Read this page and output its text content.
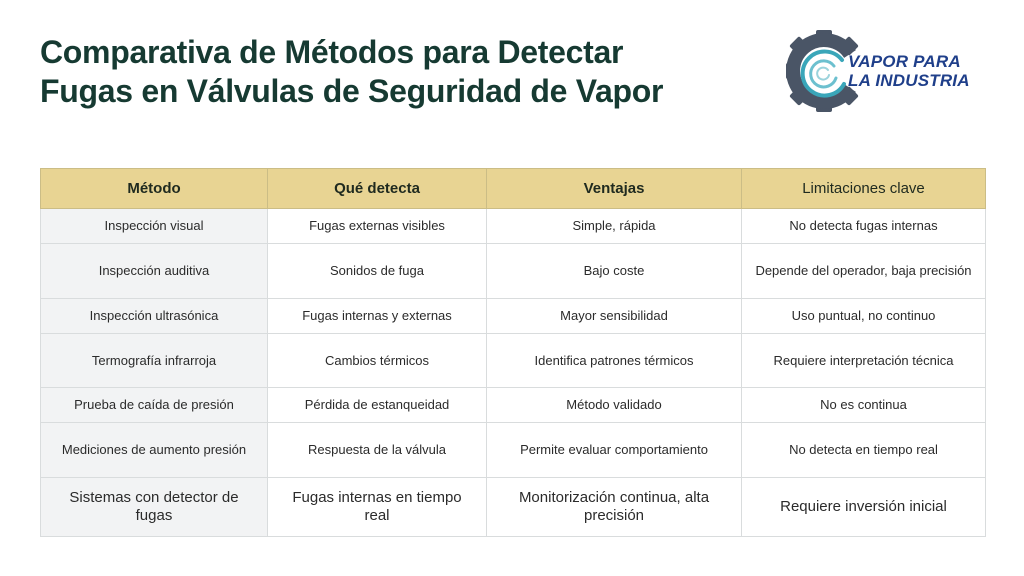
Comparativa de Métodos para Detectar
Fugas en Válvulas de Seguridad de Vapor
VAPOR PARA
LA INDUSTRIA
Método	Qué detecta	Ventajas	Limitaciones clave
Inspección visual	Fugas externas visibles	Simple, rápida	No detecta fugas internas
Inspección auditiva	Sonidos de fuga	Bajo coste	Depende del operador, baja precisión
Inspección ultrasónica	Fugas internas y externas	Mayor sensibilidad	Uso puntual, no continuo
Termografía infrarroja	Cambios térmicos	Identifica patrones térmicos	Requiere interpretación técnica
Prueba de caída de presión	Pérdida de estanqueidad	Método validado	No es continua
Mediciones de aumento presión	Respuesta de la válvula	Permite evaluar comportamiento	No detecta en tiempo real
Sistemas con detector de fugas	Fugas internas en tiempo real	Monitorización continua, alta precisión	Requiere inversión inicial
